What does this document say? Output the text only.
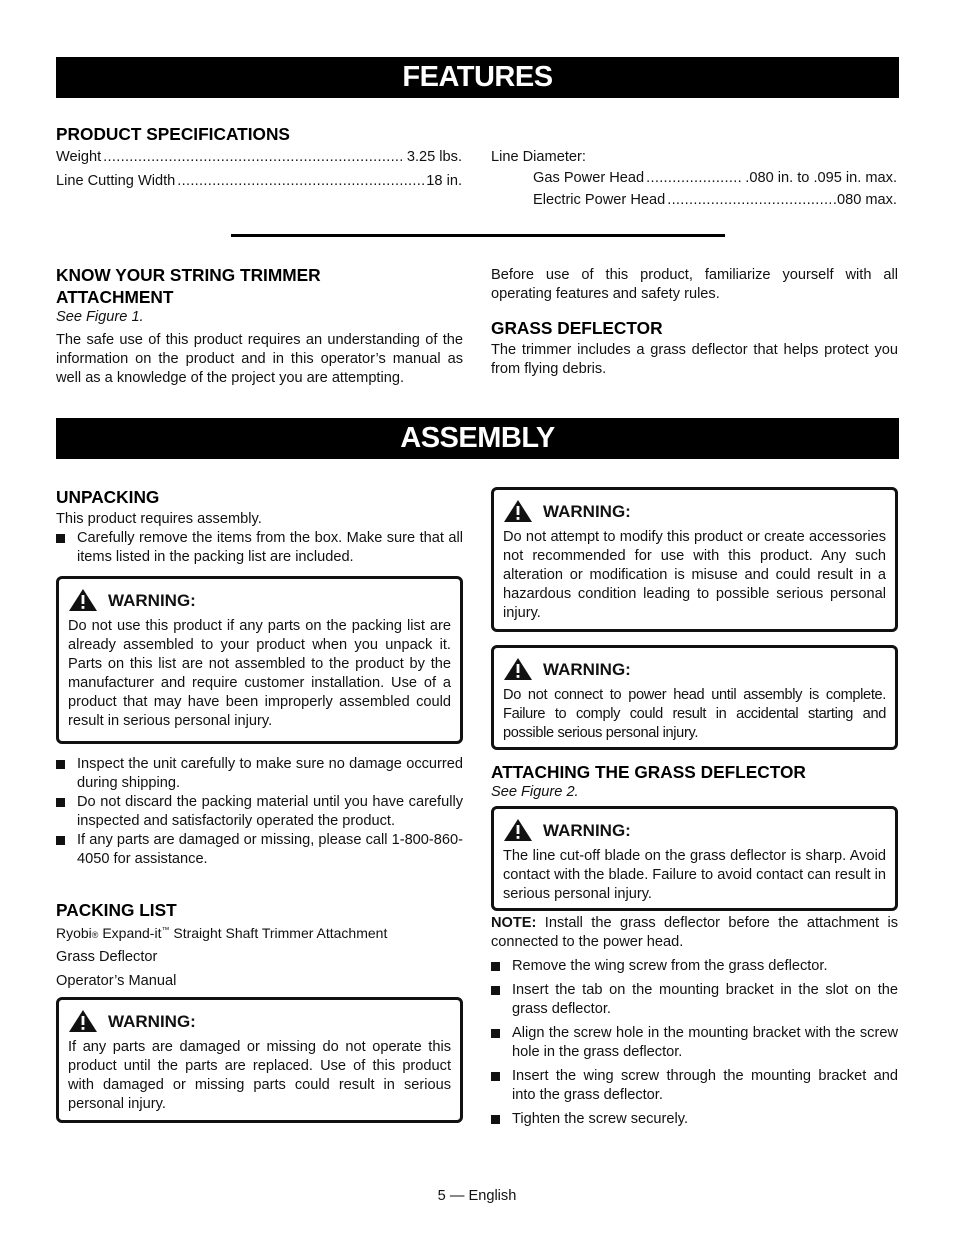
FEATURES
PRODUCT SPECIFICATIONS
Weight .....	3.25 lbs.
Line Cutting Width .....	18 in.
Line Diameter:
Gas Power Head .....	.080 in. to .095 in. max.
Electric Power Head .....	.080 max.
KNOW YOUR STRING TRIMMER
ATTACHMENT
See Figure 1.

The safe use of this product requires an understanding of the information on the product and in this operator’s manual as well as a knowledge of the project you are attempting.

Before use of this product, familiarize yourself with all operating features and safety rules.

GRASS DEFLECTOR

The trimmer includes a grass deflector that helps protect you from flying debris.

ASSEMBLY
UNPACKING
This product requires assembly.
Carefully remove the items from the box. Make sure that all items listed in the packing list are included.
WARNING:

Do not use this product if any parts on the packing list are already assembled to your product when you unpack it. Parts on this list are not assembled to the product by the manufacturer and require customer installation. Use of a product that may have been improperly assembled could result in serious personal injury.

Inspect the unit carefully to make sure no damage occurred during shipping.
Do not discard the packing material until you have carefully inspected and satisfactorily operated the product.
If any parts are damaged or missing, please call 1-800-860-4050 for assistance.
PACKING LIST
Ryobi® Expand-it™ Straight Shaft Trimmer Attachment
Grass Deflector
Operator’s Manual
WARNING:

If any parts are damaged or missing do not operate this product until the parts are replaced. Use of this product with damaged or missing parts could result in serious personal injury.

WARNING:

Do not attempt to modify this product or create accessories not recommended for use with this product. Any such alteration or modification is misuse and could result in a hazardous condition leading to possible serious personal injury.

WARNING:

Do not connect to power head until assembly is complete. Failure to comply could result in accidental starting and possible serious personal injury.

ATTACHING THE GRASS DEFLECTOR
See Figure 2.
WARNING:

The line cut-off blade on the grass deflector is sharp. Avoid contact with the blade. Failure to avoid contact can result in serious personal injury.

NOTE: Install the grass deflector before the attachment is connected to the power head.

Remove the wing screw from the grass deflector.
Insert the tab on the mounting bracket in the slot on the grass deflector.
Align the screw hole in the mounting bracket with the screw hole in the grass deflector.
Insert the wing screw through the mounting bracket and into the grass deflector.
Tighten the screw securely.
5 — English
